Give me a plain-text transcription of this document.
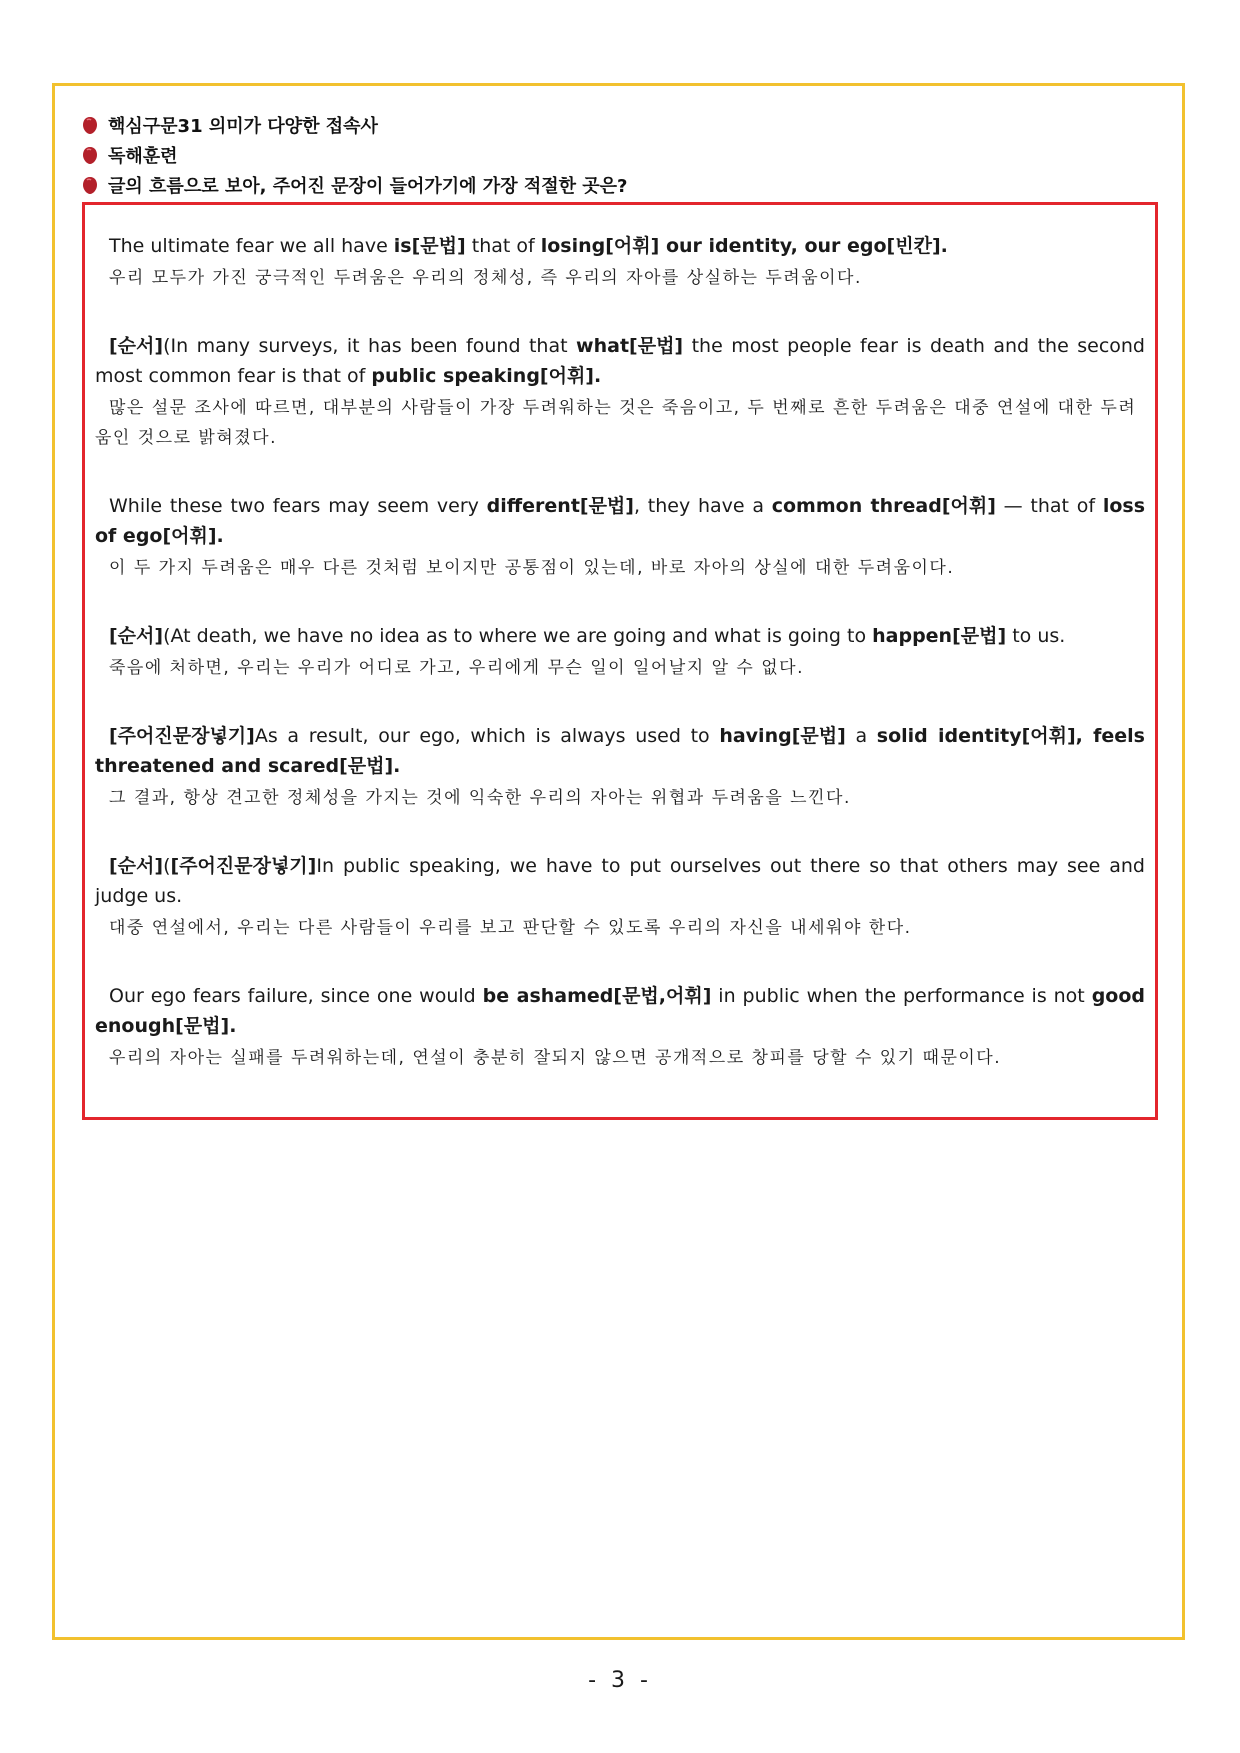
핵심구문31 의미가 다양한 접속사
독해훈련
글의 흐름으로 보아, 주어진 문장이 들어가기에 가장 적절한 곳은?

The ultimate fear we all have is[문법] that of losing[어휘] our identity, our ego[빈칸].

우리 모두가 가진 궁극적인 두려움은 우리의 정체성, 즉 우리의 자아를 상실하는 두려움이다.

[순서](In many surveys, it has been found that what[문법] the most people fear is death and the second most common fear is that of public speaking[어휘].

많은 설문 조사에 따르면, 대부분의 사람들이 가장 두려워하는 것은 죽음이고, 두 번째로 흔한 두려움은 대중 연설에 대한 두려움인 것으로 밝혀졌다.

While these two fears may seem very different[문법], they have a common thread[어휘] — that of loss of ego[어휘].

이 두 가지 두려움은 매우 다른 것처럼 보이지만 공통점이 있는데, 바로 자아의 상실에 대한 두려움이다.

[순서](At death, we have no idea as to where we are going and what is going to happen[문법] to us.

죽음에 처하면, 우리는 우리가 어디로 가고, 우리에게 무슨 일이 일어날지 알 수 없다.

[주어진문장넣기]As a result, our ego, which is always used to having[문법] a solid identity[어휘], feels threatened and scared[문법].

그 결과, 항상 견고한 정체성을 가지는 것에 익숙한 우리의 자아는 위협과 두려움을 느낀다.

[순서]([주어진문장넣기]In public speaking, we have to put ourselves out there so that others may see and judge us.

대중 연설에서, 우리는 다른 사람들이 우리를 보고 판단할 수 있도록 우리의 자신을 내세워야 한다.

Our ego fears failure, since one would be ashamed[문법,어휘] in public when the performance is not good enough[문법].

우리의 자아는 실패를 두려워하는데, 연설이 충분히 잘되지 않으면 공개적으로 창피를 당할 수 있기 때문이다.

- 3 -
